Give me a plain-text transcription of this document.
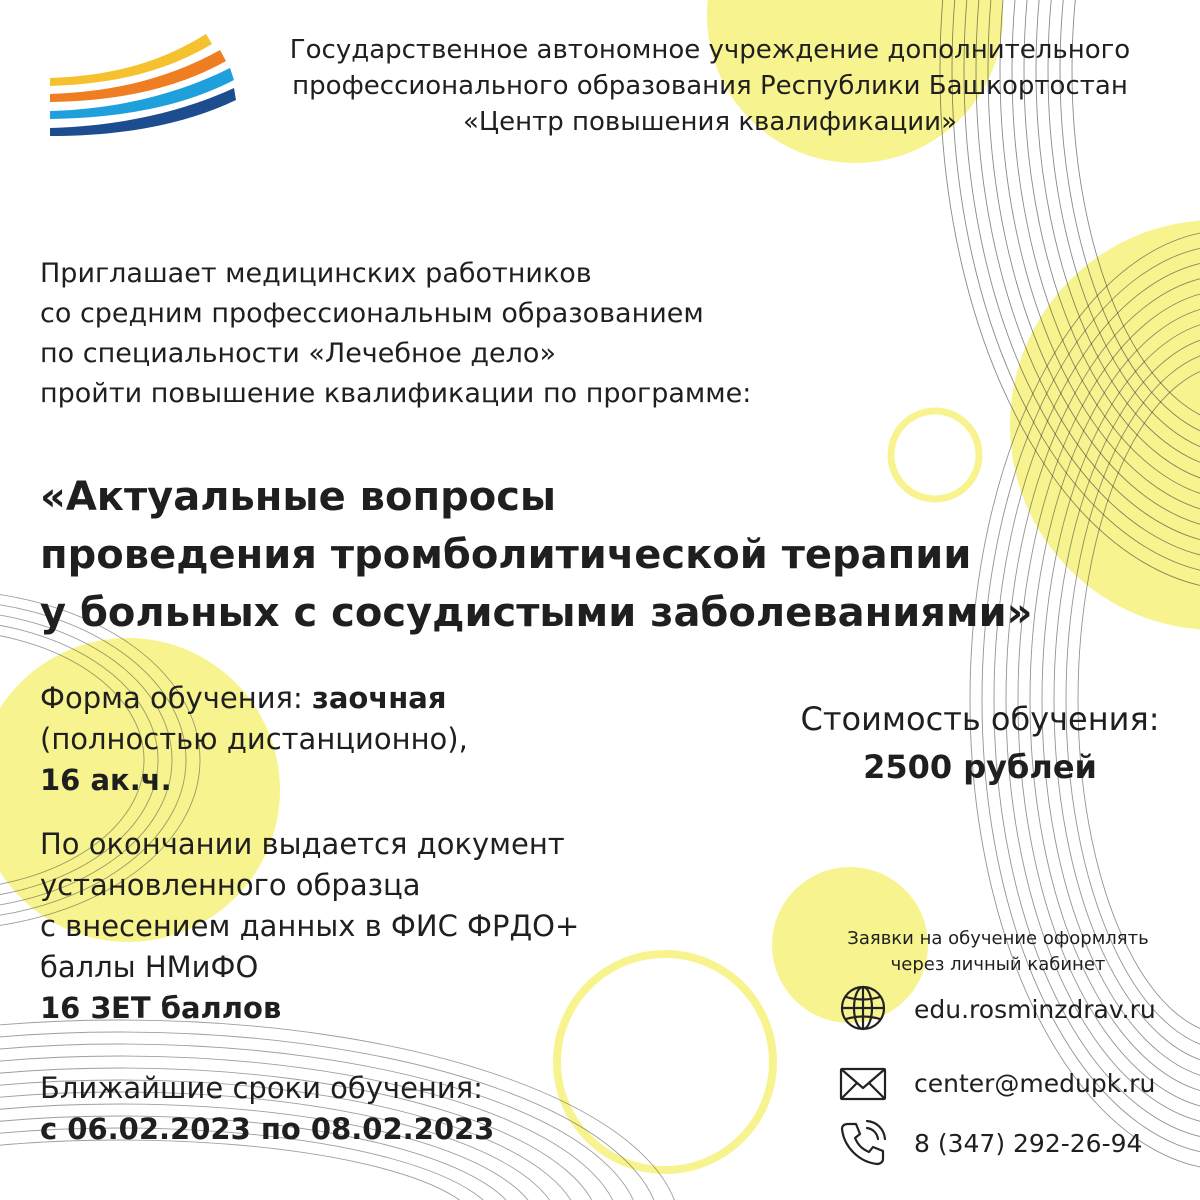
Государственное автономное учреждение дополнительного
профессионального образования Республики Башкортостан
«Центр повышения квалификации»
Приглашает медицинских работников
со средним профессиональным образованием
по специальности «Лечебное дело»
пройти повышение квалификации по программе:
«Актуальные вопросы
проведения тромболитической терапии
у больных с сосудистыми заболеваниями»
Форма обучения: заочная
(полностью дистанционно),
16 ак.ч.
По окончании выдается документ
установленного образца
с внесением данных в ФИС ФРДО+
баллы НМиФО
16 ЗЕТ баллов
Ближайшие сроки обучения:
с 06.02.2023 по 08.02.2023
Стоимость обучения:
2500 рублей
Заявки на обучение оформлять
через личный кабинет
edu.rosminzdrav.ru
center@medupk.ru
8 (347) 292-26-94
